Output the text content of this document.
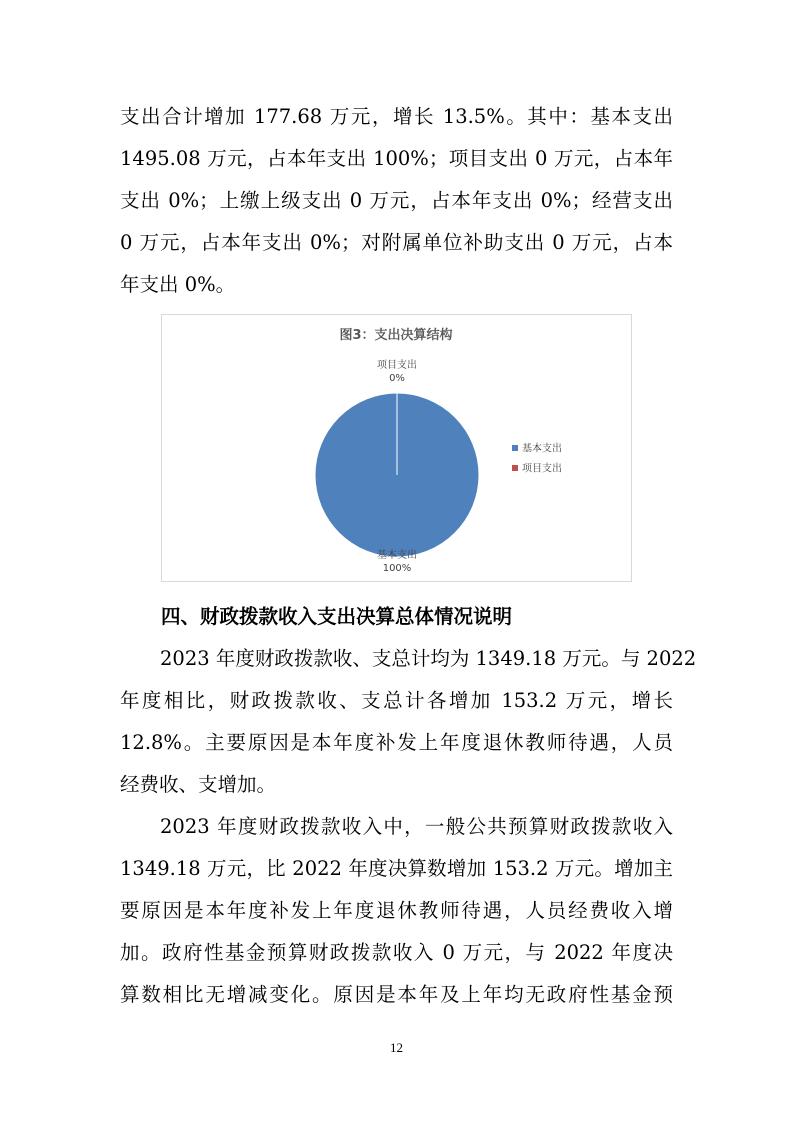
支出合计增加 177.68 万元，增长 13.5%。其中：基本支出
1495.08 万元，占本年支出 100%；项目支出 0 万元，占本年
支出 0%；上缴上级支出 0 万元，占本年支出 0%；经营支出
0 万元，占本年支出 0%；对附属单位补助支出 0 万元，占本
年支出 0%。
图3：支出决算结构
基本支出 100%
项目支出 0%
基本支出
项目支出
四、财政拨款收入支出决算总体情况说明
2023 年度财政拨款收、支总计均为 1349.18 万元。与 2022
年度相比，财政拨款收、支总计各增加 153.2 万元，增长
12.8%。主要原因是本年度补发上年度退休教师待遇，人员
经费收、支增加。
2023 年度财政拨款收入中，一般公共预算财政拨款收入
1349.18 万元，比 2022 年度决算数增加 153.2 万元。增加主
要原因是本年度补发上年度退休教师待遇，人员经费收入增
加。政府性基金预算财政拨款收入 0 万元，与 2022 年度决
算数相比无增减变化。原因是本年及上年均无政府性基金预
12
